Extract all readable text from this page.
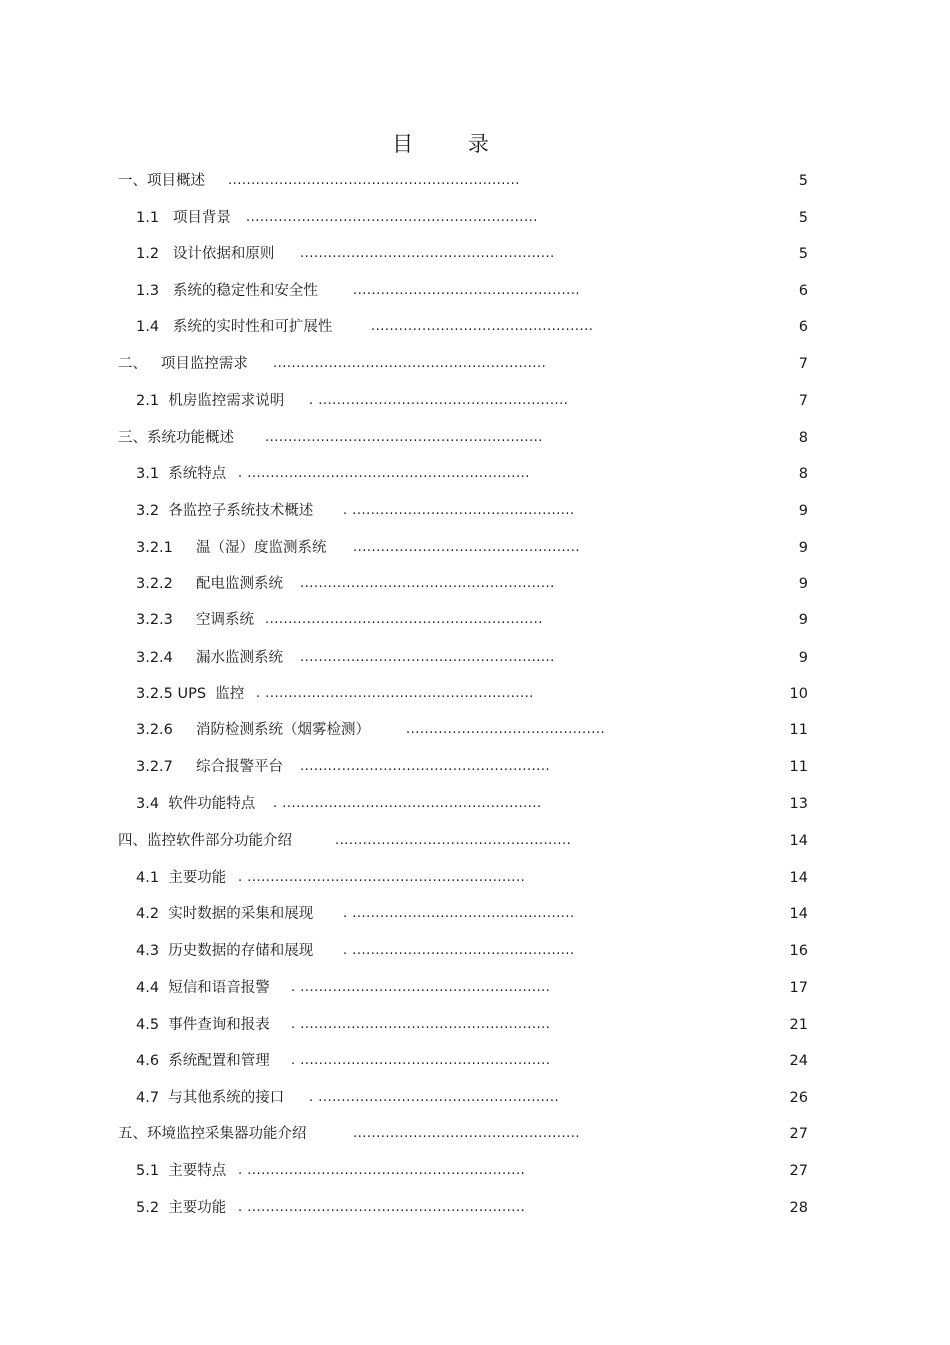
目 录
一、项目概述 ...............................................................	5
1.1   项目背景 ...............................................................	5
1.2   设计依据和原则 .......................................................	5
1.3   系统的稳定性和安全性	.................................................	6
1.4   系统的实时性和可扩展性	................................................	6
二、   项目监控需求 ...........................................................	7
2.1  机房监控需求说明 . ......................................................	7
三、系统功能概述 ............................................................	8
3.1  系统特点 . .............................................................	8
3.2  各监控子系统技术概述 . ................................................	9
3.2.1     温（湿）度监测系统 .................................................	9
3.2.2     配电监测系统 .......................................................	9
3.2.3     空调系统 ............................................................	9
3.2.4     漏水监测系统 .......................................................	9
3.2.5 UPS  监控 . ..........................................................	10
3.2.6     消防检测系统（烟雾检测）	...........................................	11
3.2.7     综合报警平台 ......................................................	11
3.4  软件功能特点 . ........................................................	13
四、监控软件部分功能介绍	...................................................	14
4.1  主要功能 . ............................................................	14
4.2  实时数据的采集和展现 . ................................................	14
4.3  历史数据的存储和展现 . ................................................	16
4.4  短信和语音报警 . ......................................................	17
4.5  事件查询和报表 . ......................................................	21
4.6  系统配置和管理 . ......................................................	24
4.7  与其他系统的接口 . ....................................................	26
五、环境监控采集器功能介绍	.................................................	27
5.1  主要特点 . ............................................................	27
5.2  主要功能 . ............................................................	28
